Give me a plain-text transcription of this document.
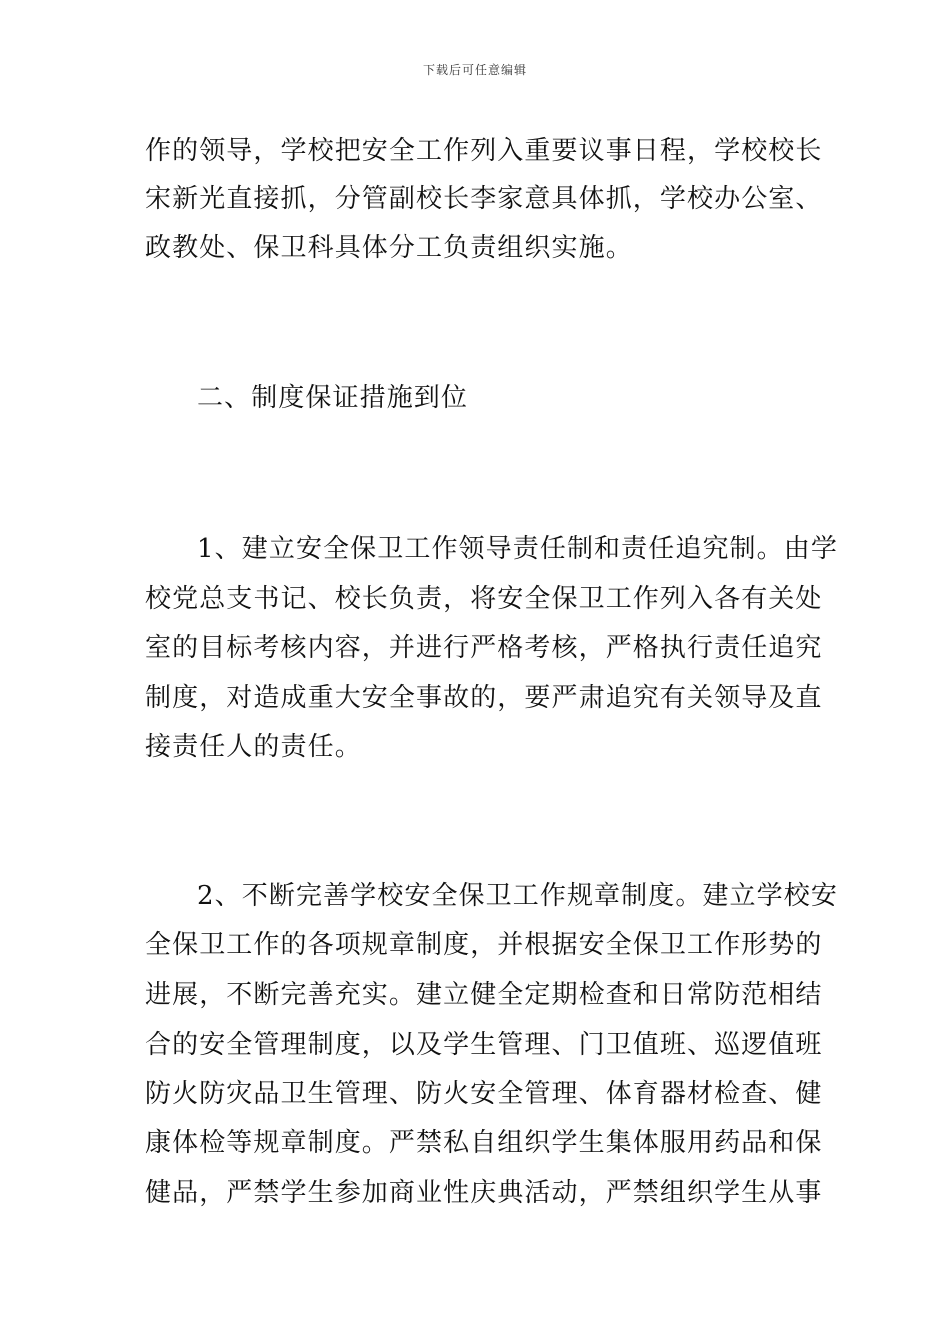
下载后可任意编辑
作的领导，学校把安全工作列入重要议事日程，学校校长
宋新光直接抓，分管副校长李家意具体抓，学校办公室、
政教处、保卫科具体分工负责组织实施。
二、制度保证措施到位
1、建立安全保卫工作领导责任制和责任追究制。由学
校党总支书记、校长负责，将安全保卫工作列入各有关处
室的目标考核内容，并进行严格考核，严格执行责任追究
制度，对造成重大安全事故的，要严肃追究有关领导及直
接责任人的责任。
2、不断完善学校安全保卫工作规章制度。建立学校安
全保卫工作的各项规章制度，并根据安全保卫工作形势的
进展，不断完善充实。建立健全定期检查和日常防范相结
合的安全管理制度，以及学生管理、门卫值班、巡逻值班
防火防灾品卫生管理、防火安全管理、体育器材检查、健
康体检等规章制度。严禁私自组织学生集体服用药品和保
健品，严禁学生参加商业性庆典活动，严禁组织学生从事
